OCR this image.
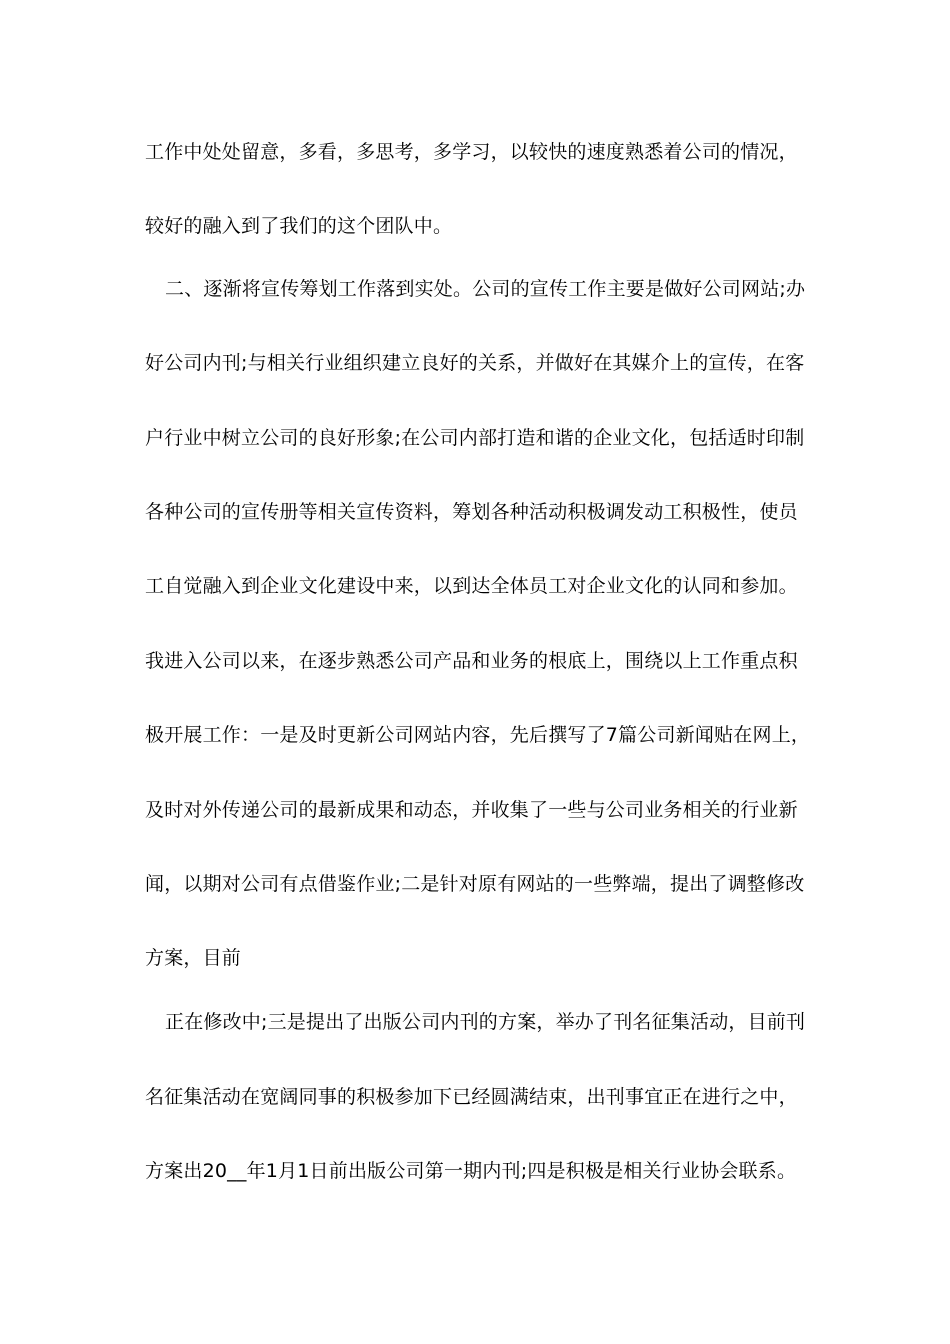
工作中处处留意，多看，多思考，多学习，以较快的速度熟悉着公司的情况，
较好的融入到了我们的这个团队中。
二、逐渐将宣传筹划工作落到实处。公司的宣传工作主要是做好公司网站;办
好公司内刊;与相关行业组织建立良好的关系，并做好在其媒介上的宣传，在客
户行业中树立公司的良好形象;在公司内部打造和谐的企业文化，包括适时印制
各种公司的宣传册等相关宣传资料，筹划各种活动积极调发动工积极性，使员
工自觉融入到企业文化建设中来，以到达全体员工对企业文化的认同和参加。
我进入公司以来，在逐步熟悉公司产品和业务的根底上，围绕以上工作重点积
极开展工作：一是及时更新公司网站内容，先后撰写了7篇公司新闻贴在网上，
及时对外传递公司的最新成果和动态，并收集了一些与公司业务相关的行业新
闻，以期对公司有点借鉴作业;二是针对原有网站的一些弊端，提出了调整修改
方案，目前
正在修改中;三是提出了出版公司内刊的方案，举办了刊名征集活动，目前刊
名征集活动在宽阔同事的积极参加下已经圆满结束，出刊事宜正在进行之中，
方案出20__年1月1日前出版公司第一期内刊;四是积极是相关行业协会联系。
